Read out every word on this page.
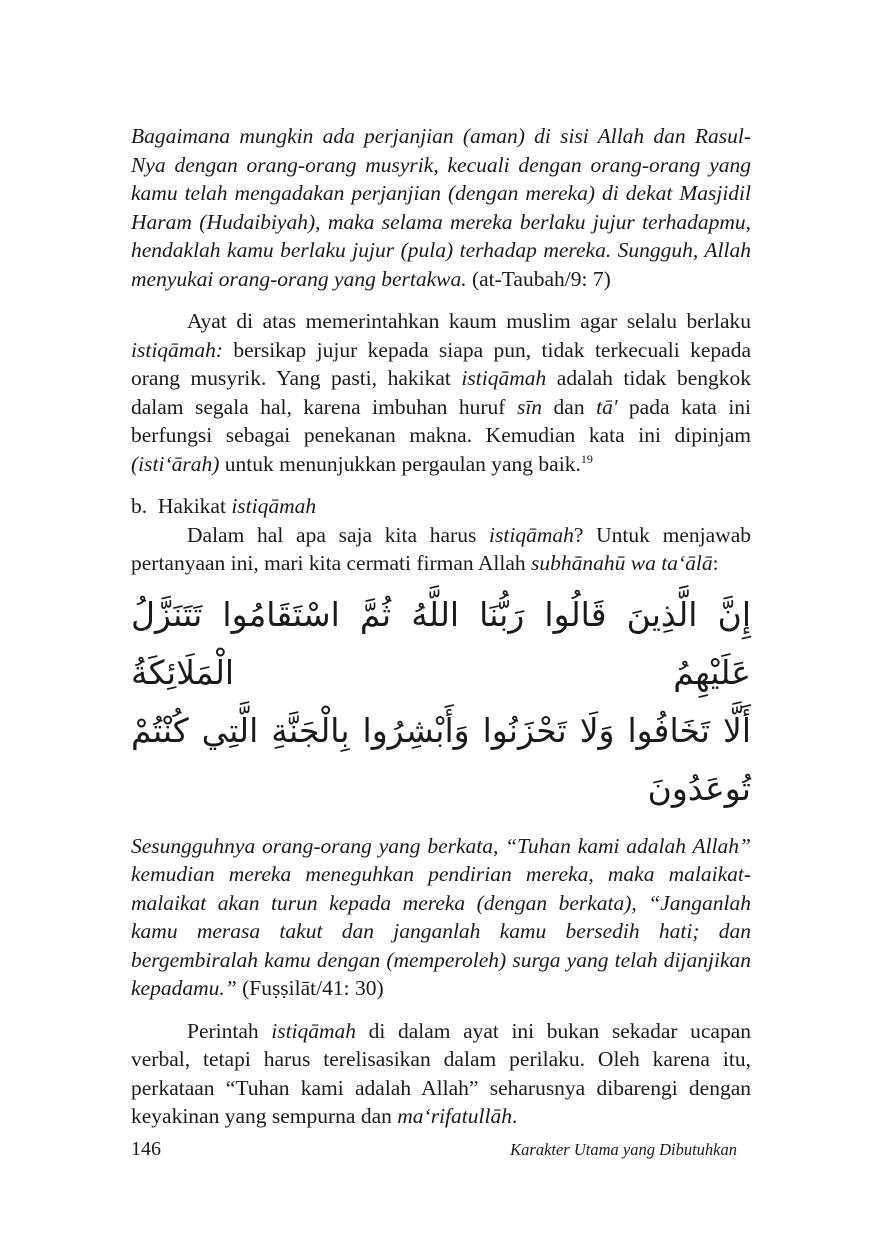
Bagaimana mungkin ada perjanjian (aman) di sisi Allah dan Rasul-Nya dengan orang-orang musyrik, kecuali dengan orang-orang yang kamu telah mengadakan perjanjian (dengan mereka) di dekat Masjidil Haram (Hudaibiyah), maka selama mereka berlaku jujur terhadapmu, hendaklah kamu berlaku jujur (pula) terhadap mereka. Sungguh, Allah menyukai orang-orang yang bertakwa. (at-Taubah/9: 7)

Ayat di atas memerintahkan kaum muslim agar selalu berlaku istiqāmah: bersikap jujur kepada siapa pun, tidak terkecuali kepada orang musyrik. Yang pasti, hakikat istiqāmah adalah tidak bengkok dalam segala hal, karena imbuhan huruf sīn dan tā' pada kata ini berfungsi sebagai penekanan makna. Kemudian kata ini dipinjam (isti‘ārah) untuk menunjukkan pergaulan yang baik.$^{19}$

b. Hakikat istiqāmah

Dalam hal apa saja kita harus istiqāmah? Untuk menjawab pertanyaan ini, mari kita cermati firman Allah subhānahū wa ta‘ālā:

إِنَّ الَّذِينَ قَالُوا رَبُّنَا اللَّهُ ثُمَّ اسْتَقَامُوا تَتَنَزَّلُ عَلَيْهِمُ الْمَلَائِكَةُ
أَلَّا تَخَافُوا وَلَا تَحْزَنُوا وَأَبْشِرُوا بِالْجَنَّةِ الَّتِي كُنْتُمْ تُوعَدُونَ

Sesungguhnya orang-orang yang berkata, “Tuhan kami adalah Allah” kemudian mereka meneguhkan pendirian mereka, maka malaikat-malaikat akan turun kepada mereka (dengan berkata), “Janganlah kamu merasa takut dan janganlah kamu bersedih hati; dan bergembiralah kamu dengan (memperoleh) surga yang telah dijanjikan kepadamu.” (Fuṣṣilāt/41: 30)

Perintah istiqāmah di dalam ayat ini bukan sekadar ucapan verbal, tetapi harus terelisasikan dalam perilaku. Oleh karena itu, perkataan “Tuhan kami adalah Allah” seharusnya dibarengi dengan keyakinan yang sempurna dan ma‘rifatullāh.

146	Karakter Utama yang Dibutuhkan
